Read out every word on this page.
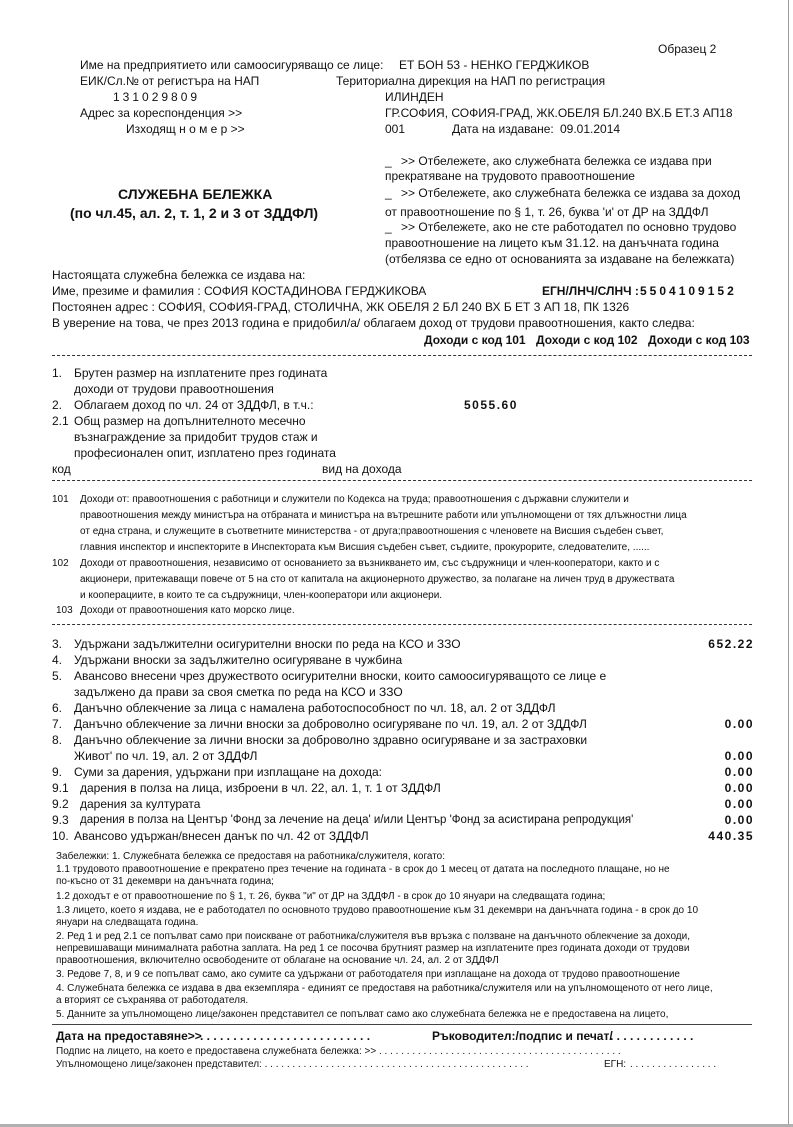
Образец 2
Име на предприятието или самоосигуряващо се лице: ЕТ БОН 53 - НЕНКО ГЕРДЖИКОВ
ЕИК/Сл.№ от регистъра на НАП	Териториална дирекция на НАП по регистрация
131029809	ИЛИНДЕН
Адрес за кореспонденция >>	ГР.СОФИЯ, СОФИЯ-ГРАД, ЖК.ОБЕЛЯ БЛ.240 ВХ.Б ЕТ.3 АП18
Изходящ н о м е р >>	001	Дата на издаване: 09.01.2014
СЛУЖЕБНА БЕЛЕЖКА
(по чл.45, ал. 2, т. 1, 2 и 3 от ЗДДФЛ)
_ >> Отбележете, ако служебната бележка се издава при
прекратяване на трудовото правоотношение
_ >> Отбележете, ако служебната бележка се издава за доход
от правоотношение по § 1, т. 26, буква 'и' от ДР на ЗДДФЛ
_ >> Отбележете, ако не сте работодател по основно трудово
правоотношение на лицето към 31.12. на данъчната година
(отбелязва се едно от основанията за издаване на бележката)
Настоящата служебна бележка се издава на:
Име, презиме и фамилия : СОФИЯ КОСТАДИНОВА ГЕРДЖИКОВА	ЕГН/ЛНЧ/СЛНЧ : 5504109152
Постоянен адрес : СОФИЯ, СОФИЯ-ГРАД, СТОЛИЧНА, ЖК ОБЕЛЯ 2 БЛ 240 ВХ Б ЕТ 3 АП 18, ПК 1326
В уверение на това, че през 2013 година е придобил/а/ облагаем доход от трудови правоотношения, както следва:
Доходи с код 101 Доходи с код 102 Доходи с код 103
1. Брутен размер на изплатените през годината
доходи от трудови правоотношения
2. Облагаем доход по чл. 24 от ЗДДФЛ, в т.ч.:	5055.60
2.1 Общ размер на допълнителното месечно
възнаграждение за придобит трудов стаж и
професионален опит, изплатено през годината
код	вид на дохода
101 Доходи от: правоотношения с работници и служители по Кодекса на труда; правоотношения с държавни служители и
правоотношения между министъра на отбраната и министъра на вътрешните работи или упълномощени от тях длъжностни лица
от една страна, и служещите в съответните министерства - от друга;правоотношения с членовете на Висшия съдебен съвет,
главния инспектор и инспекторите в Инспектората към Висшия съдебен съвет, съдиите, прокурорите, следователите, ......
102 Доходи от правоотношения, независимо от основанието за възникването им, със съдружници и член-кооператори, както и с
акционери, притежаващи повече от 5 на сто от капитала на акционерното дружество, за полагане на личен труд в дружествата
и кооперациите, в които те са съдружници, член-кооператори или акционери.
103 Доходи от правоотношения като морско лице.
3. Удържани задължителни осигурителни вноски по реда на КСО и ЗЗО	652.22
4. Удържани вноски за задължително осигуряване в чужбина
5. Авансово внесени чрез дружеството осигурителни вноски, които самоосигуряващото се лице е
задължено да прави за своя сметка по реда на КСО и ЗЗО
6. Данъчно облекчение за лица с намалена работоспособност по чл. 18, ал. 2 от ЗДДФЛ
7. Данъчно облекчение за лични вноски за доброволно осигуряване по чл. 19, ал. 2 от ЗДДФЛ	0.00
8. Данъчно облекчение за лични вноски за доброволно здравно осигуряване и за застраховки
Живот' по чл. 19, ал. 2 от ЗДДФЛ	0.00
9. Суми за дарения, удържани при изплащане на дохода:	0.00
9.1 дарения в полза на лица, изброени в чл. 22, ал. 1, т. 1 от ЗДДФЛ	0.00
9.2 дарения за културата	0.00
9.3 дарения в полза на Център 'Фонд за лечение на деца' и/или Център 'Фонд за асистирана репродукция'	0.00
10. Авансово удържан/внесен данък по чл. 42 от ЗДДФЛ	440.35
Забележки: 1. Служебната бележка се предоставя на работника/служителя, когато:
1.1 трудовото правоотношение е прекратено през течение на годината - в срок до 1 месец от датата на последното плащане, но не
по-късно от 31 декември на данъчната година;
1.2 доходът е от правоотношение по § 1, т. 26, буква "и" от ДР на ЗДДФЛ - в срок до 10 януари на следващата година;
1.3 лицето, което я издава, не е работодател по основното трудово правоотношение към 31 декември на данъчната година - в срок до 10
януари на следващата година.
2. Ред 1 и ред 2.1 се попълват само при поискване от работника/служителя във връзка с ползване на данъчното облекчение за доходи,
непревишаващи минималната работна заплата. На ред 1 се посочва брутният размер на изплатените през годината доходи от трудови
правоотношения, включително освободените от облагане на основание чл. 24, ал. 2 от ЗДДФЛ
3. Редове 7, 8, и 9 се попълват само, ако сумите са удържани от работодателя при изплащане на дохода от трудово правоотношение
4. Служебната бележка се издава в два екземпляра - единият се предоставя на работника/служителя или на упълномощеното от него лице,
а вторият се съхранява от работодателя.
5. Данните за упълномощено лице/законен представител се попълват само ако служебната бележка не е предоставена на лицето,
Дата на предоставяне>>
. . . . . . . . . . . . . . . . . . . . . . . . . .	Ръководител:/подпис и печат/
. . . . . . . . . . . . .
Подпис на лицето, на което е предоставена служебната бележка: >> . . . . . . . . . . . . . . . . . . . . . . . . . . . . . . . . . . . . . . . . . . . .
Упълномощено лице/законен представител: . . . . . . . . . . . . . . . . . . . . . . . . . . . . . . . . . . . . . . . . . . . . . . . .	ЕГН: . . . . . . . . . . . . . . . .
